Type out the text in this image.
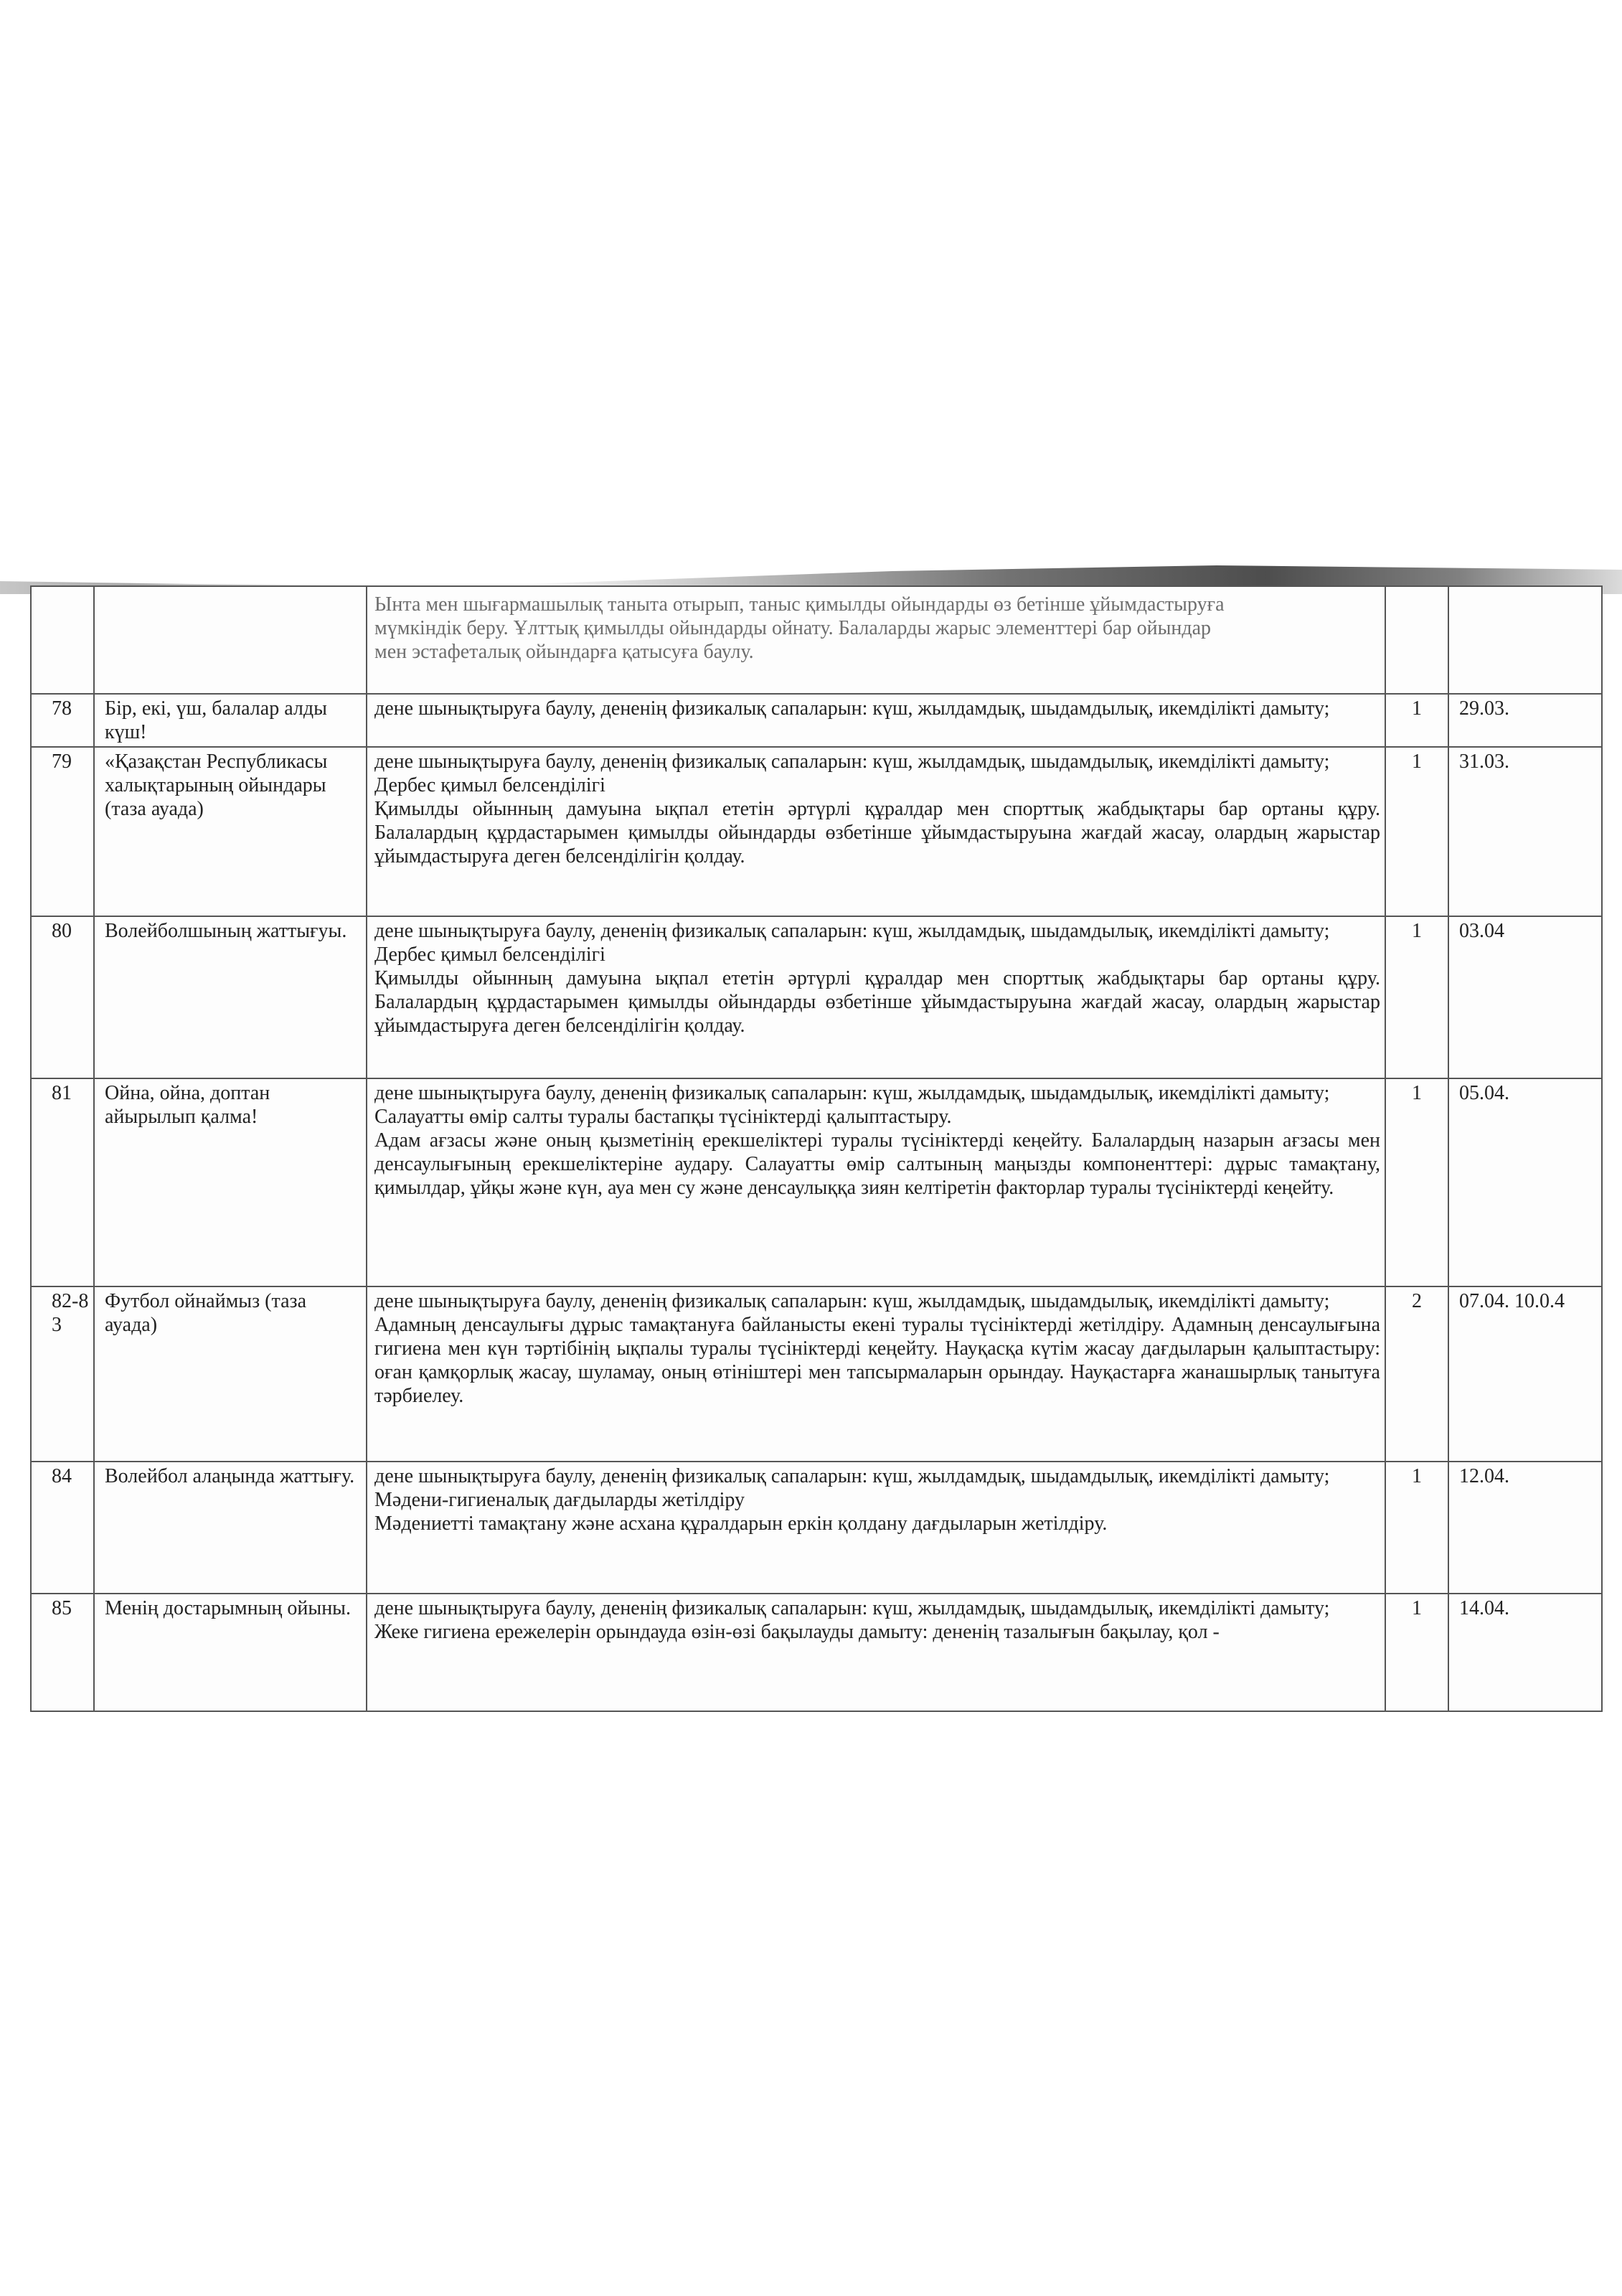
		Ынта мен шығармашылық таныта отырып, таныс қимылды ойындарды өз бетінше ұйымдастыруға
мүмкіндік беру. Ұлттық қимылды ойындарды ойнату. Балаларды жарыс элементтері бар ойындар
мен эстафеталық ойындарға қатысуға баулу.		

78	Бір, екі, үш, балалар алды күш!	дене шынықтыруға баулу, дененің физикалық сапаларын: күш, жылдамдық, шыдамдылық, икемділікті дамыту;	1	29.03.
79	«Қазақстан Республикасы халықтарының ойындары (таза ауада)	дене шынықтыруға баулу, дененің физикалық сапаларын: күш, жылдамдық, шыдамдылық, икемділікті дамыту;
Дербес қимыл белсенділігі
Қимылды ойынның дамуына ықпал ететін әртүрлі құралдар мен спорттық жабдықтары бар ортаны құру. Балалардың құрдастарымен қимылды ойындарды өзбетінше ұйымдастыруына жағдай жасау, олардың жарыстар ұйымдастыруға деген белсенділігін қолдау.	1	31.03.
80	Волейболшының жаттығуы.	дене шынықтыруға баулу, дененің физикалық сапаларын: күш, жылдамдық, шыдамдылық, икемділікті дамыту;
Дербес қимыл белсенділігі
Қимылды ойынның дамуына ықпал ететін әртүрлі құралдар мен спорттық жабдықтары бар ортаны құру. Балалардың құрдастарымен қимылды ойындарды өзбетінше ұйымдастыруына жағдай жасау, олардың жарыстар ұйымдастыруға деген белсенділігін қолдау.	1	03.04
81	Ойна, ойна, доптан айырылып қалма!	дене шынықтыруға баулу, дененің физикалық сапаларын: күш, жылдамдық, шыдамдылық, икемділікті дамыту;
Салауатты өмір салты туралы бастапқы түсініктерді қалыптастыру.
Адам ағзасы және оның қызметінің ерекшеліктері туралы түсініктерді кеңейту. Балалардың назарын ағзасы мен денсаулығының ерекшеліктеріне аудару. Салауатты өмір салтының маңызды компоненттері: дұрыс тамақтану, қимылдар, ұйқы және күн, ауа мен су және денсаулыққа зиян келтіретін факторлар туралы түсініктерді кеңейту.	1	05.04.
82-83	Футбол ойнаймыз (таза ауада)	дене шынықтыруға баулу, дененің физикалық сапаларын: күш, жылдамдық, шыдамдылық, икемділікті дамыту;
Адамның денсаулығы дұрыс тамақтануға байланысты екені туралы түсініктерді жетілдіру. Адамның денсаулығына гигиена мен күн тәртібінің ықпалы туралы түсініктерді кеңейту. Науқасқа күтім жасау дағдыларын қалыптастыру: оған қамқорлық жасау, шуламау, оның өтініштері мен тапсырмаларын орындау. Науқастарға жанашырлық танытуға тәрбиелеу.	2	07.04. 10.0.4
84	Волейбол алаңында жаттығу.	дене шынықтыруға баулу, дененің физикалық сапаларын: күш, жылдамдық, шыдамдылық, икемділікті дамыту;
Мәдени-гигиеналық дағдыларды жетілдіру
Мәдениетті тамақтану және асхана құралдарын еркін қолдану дағдыларын жетілдіру.	1	12.04.
85	Менің достарымның ойыны.	дене шынықтыруға баулу, дененің физикалық сапаларын: күш, жылдамдық, шыдамдылық, икемділікті дамыту;
Жеке гигиена ережелерін орындауда өзін-өзі бақылауды дамыту: дененің тазалығын бақылау, қол -	1	14.04.
